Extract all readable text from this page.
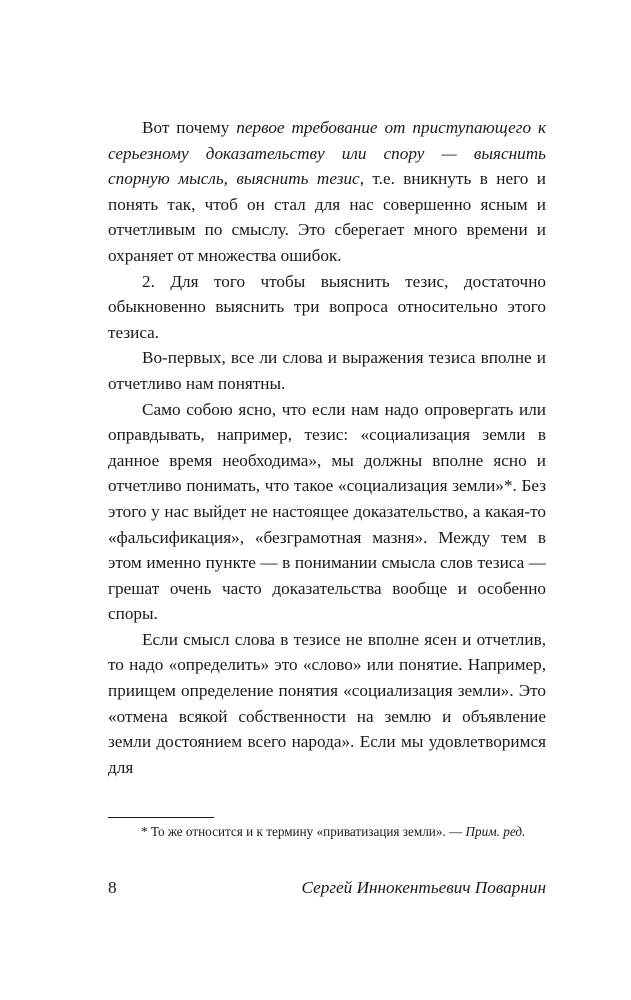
Вот почему первое требование от приступающего к серьезному доказательству или спору — выяснить спорную мысль, выяснить тезис, т.е. вникнуть в него и понять так, чтоб он стал для нас совершенно ясным и отчетливым по смыслу. Это сберегает много времени и охраняет от множества ошибок.

2. Для того чтобы выяснить тезис, достаточно обыкновенно выяснить три вопроса относительно этого тезиса.

Во-первых, все ли слова и выражения тезиса вполне и отчетливо нам понятны.

Само собою ясно, что если нам надо опровергать или оправдывать, например, тезис: «социализация земли в данное время необходима», мы должны вполне ясно и отчетливо понимать, что такое «социализация земли»*. Без этого у нас выйдет не настоящее доказательство, а какая-то «фальсификация», «безграмотная мазня». Между тем в этом именно пункте — в понимании смысла слов тезиса — грешат очень часто доказательства вообще и особенно споры.

Если смысл слова в тезисе не вполне ясен и отчетлив, то надо «определить» это «слово» или понятие. Например, приищем определение понятия «социализация земли». Это «отмена всякой собственности на землю и объявление земли достоянием всего народа». Если мы удовлетворимся для

* То же относится и к термину «приватизация земли». — Прим. ред.

8	Сергей Иннокентьевич Поварнин
